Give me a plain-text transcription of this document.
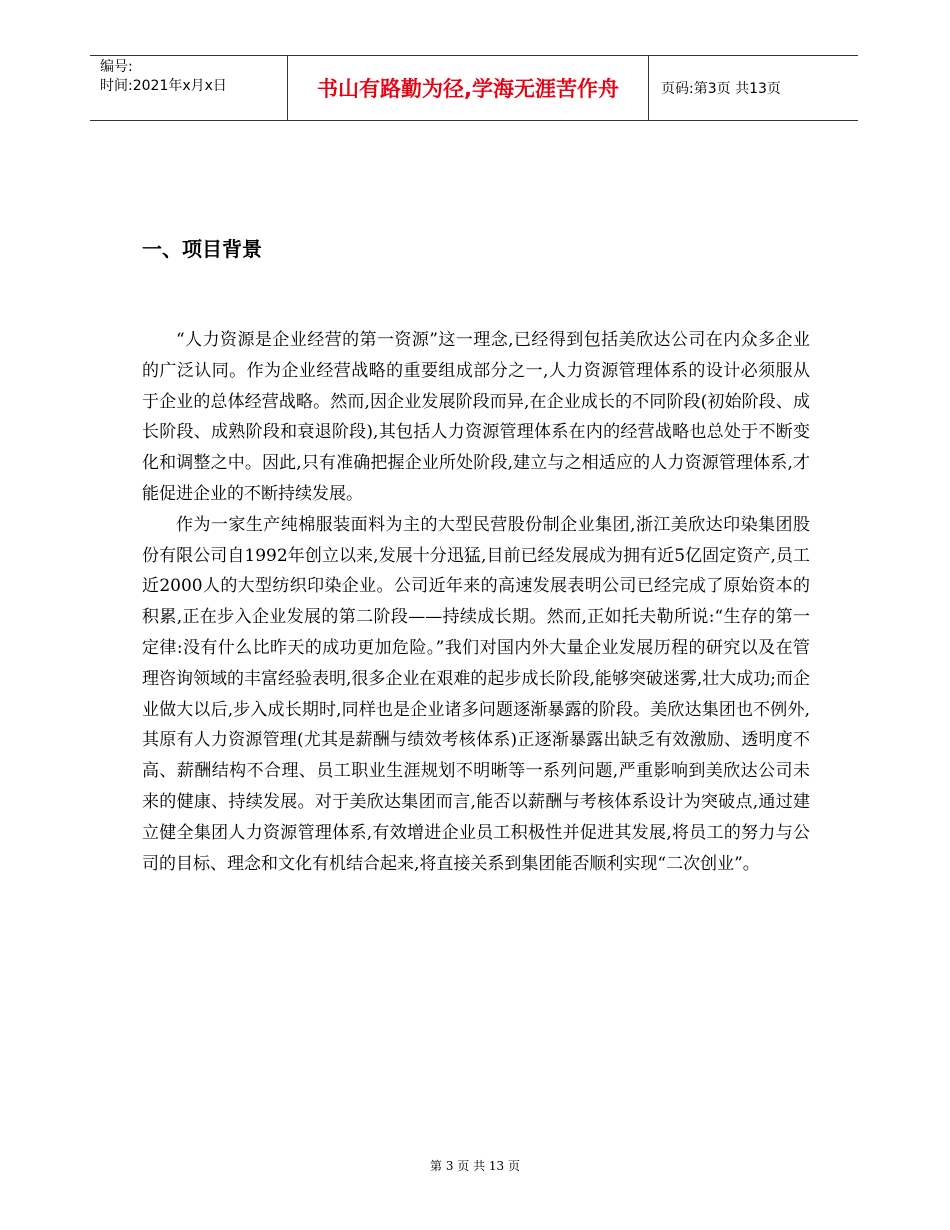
编号:
时间:2021年x月x日	书山有路勤为径,学海无涯苦作舟	页码:第3页 共13页
一、项目背景

“人力资源是企业经营的第一资源”这一理念,已经得到包括美欣达公司在内众多企业的广泛认同。作为企业经营战略的重要组成部分之一,人力资源管理体系的设计必须服从于企业的总体经营战略。然而,因企业发展阶段而异,在企业成长的不同阶段(初始阶段、成长阶段、成熟阶段和衰退阶段),其包括人力资源管理体系在内的经营战略也总处于不断变化和调整之中。因此,只有准确把握企业所处阶段,建立与之相适应的人力资源管理体系,才能促进企业的不断持续发展。

作为一家生产纯棉服装面料为主的大型民营股份制企业集团,浙江美欣达印染集团股份有限公司自1992年创立以来,发展十分迅猛,目前已经发展成为拥有近5亿固定资产,员工近2000人的大型纺织印染企业。公司近年来的高速发展表明公司已经完成了原始资本的积累,正在步入企业发展的第二阶段——持续成长期。然而,正如托夫勒所说:“生存的第一定律:没有什么比昨天的成功更加危险。”我们对国内外大量企业发展历程的研究以及在管理咨询领域的丰富经验表明,很多企业在艰难的起步成长阶段,能够突破迷雾,壮大成功;而企业做大以后,步入成长期时,同样也是企业诸多问题逐渐暴露的阶段。美欣达集团也不例外,其原有人力资源管理(尤其是薪酬与绩效考核体系)正逐渐暴露出缺乏有效激励、透明度不高、薪酬结构不合理、员工职业生涯规划不明晰等一系列问题,严重影响到美欣达公司未来的健康、持续发展。对于美欣达集团而言,能否以薪酬与考核体系设计为突破点,通过建立健全集团人力资源管理体系,有效增进企业员工积极性并促进其发展,将员工的努力与公司的目标、理念和文化有机结合起来,将直接关系到集团能否顺利实现“二次创业”。

第 3 页 共 13 页
